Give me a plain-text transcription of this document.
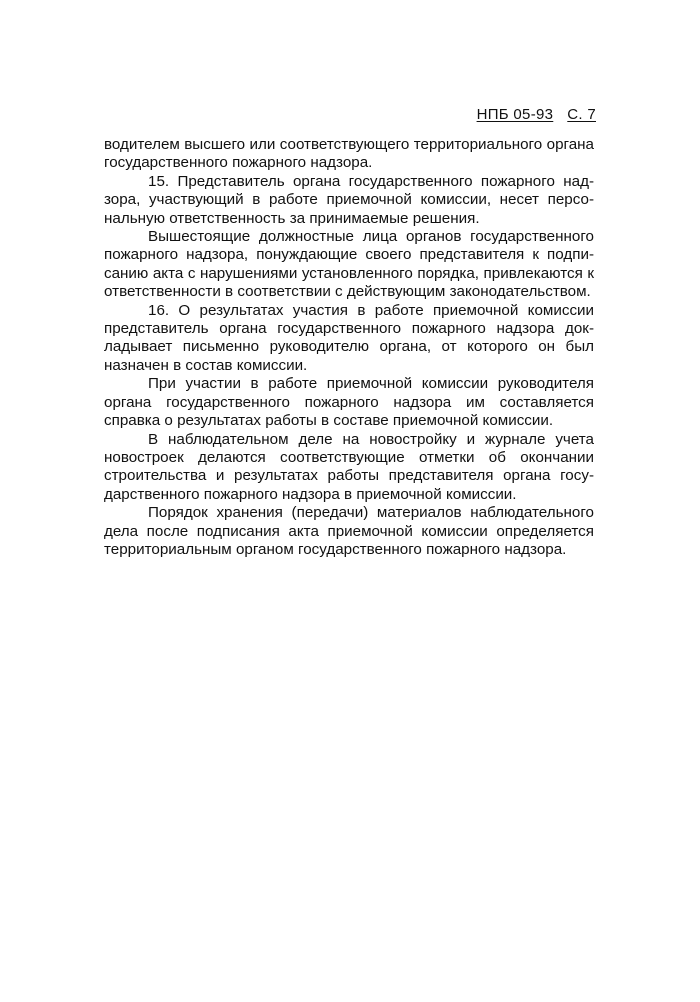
НПБ 05-93 С. 7

водителем высшего или соответствующего территориального органа государственного пожарного надзора.

15. Представитель органа государственного пожарного надзора, участвующий в работе приемочной комиссии, несет персональную ответственность за принимаемые решения.

Вышестоящие должностные лица органов государственного пожарного надзора, понуждающие своего представителя к подписанию акта с нарушениями установленного порядка, привлекаются к ответственности в соответствии с действующим законодательством.

16. О результатах участия в работе приемочной комиссии представитель органа государственного пожарного надзора докладывает письменно руководителю органа, от которого он был назначен в состав комиссии.

При участии в работе приемочной комиссии руководителя органа государственного пожарного надзора им составляется справка о результатах работы в составе приемочной комиссии.

В наблюдательном деле на новостройку и журнале учета новостроек делаются соответствующие отметки об окончании строительства и результатах работы представителя органа государственного пожарного надзора в приемочной комиссии.

Порядок хранения (передачи) материалов наблюдательного дела после подписания акта приемочной комиссии определяется территориальным органом государственного пожарного надзора.
